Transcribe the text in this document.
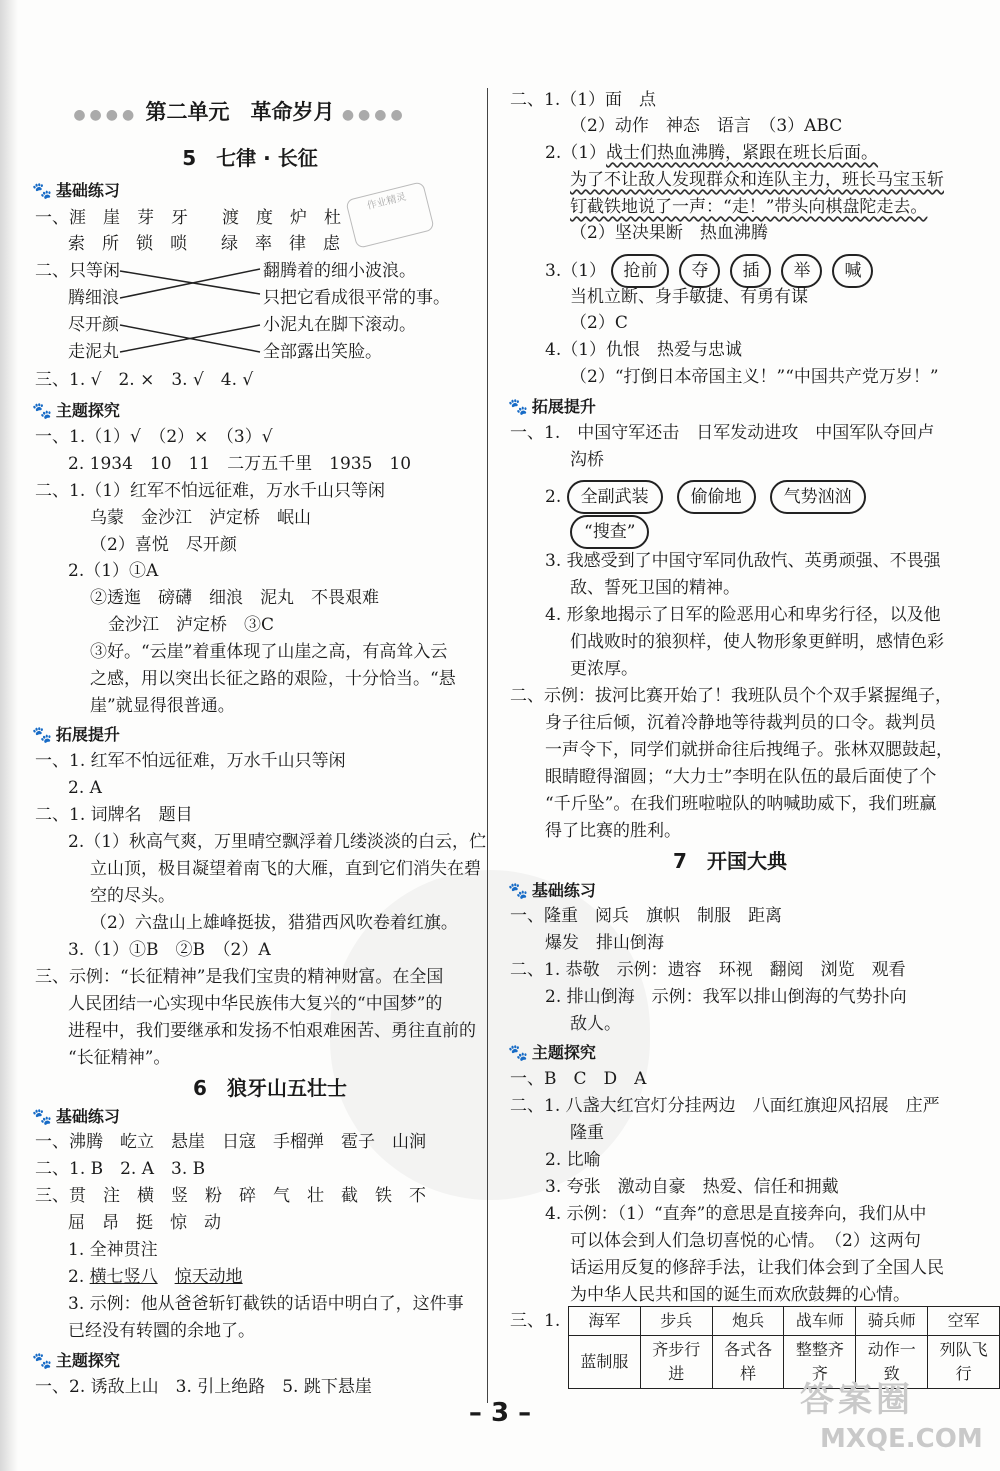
●●●● 第二单元　革命岁月 ●●●●
5　七律 · 长征
作业精灵
🐾 基础练习
一、涯　崖　芽　牙　　渡　度　炉　杜
索　所　锁　唢　　绿　率　律　虑
二、只等闲
腾细浪
尽开颜
走泥丸
翻腾着的细小波浪。
只把它看成很平常的事。
小泥丸在脚下滚动。
全部露出笑脸。
三、1. √　2. ×　3. √　4. √
🐾 主题探究
一、1.（1）√　（2）×　（3）√
2. 1934　10　11　二万五千里　1935　10
二、1.（1）红军不怕远征难，万水千山只等闲
乌蒙　金沙江　泸定桥　岷山
（2）喜悦　尽开颜
2.（1）①A
②透迤　磅礴　细浪　泥丸　不畏艰难
金沙江　泸定桥　③C
③好。“云崖”着重体现了山崖之高，有高耸入云
之感，用以突出长征之路的艰险，十分恰当。“悬
崖”就显得很普通。
🐾 拓展提升
一、1. 红军不怕远征难，万水千山只等闲
2. A
二、1. 词牌名　题目
2.（1）秋高气爽，万里晴空飘浮着几缕淡淡的白云，伫
立山顶，极目凝望着南飞的大雁，直到它们消失在碧
空的尽头。
（2）六盘山上雄峰挺拔，猎猎西风吹卷着红旗。
3.（1）①B　②B　（2）A
三、示例：“长征精神”是我们宝贵的精神财富。在全国
人民团结一心实现中华民族伟大复兴的“中国梦”的
进程中，我们要继承和发扬不怕艰难困苦、勇往直前的
“长征精神”。
6　狼牙山五壮士
🐾 基础练习
一、沸腾　屹立　悬崖　日寇　手榴弹　雹子　山涧
二、1. B　2. A　3. B
三、贯　注　横　竖　粉　碎　气　壮　截　铁　不
屈　昂　挺　惊　动
1. 全神贯注
2. 横七竖八　 惊天动地
3. 示例：他从爸爸斩钉截铁的话语中明白了，这件事
已经没有转圜的余地了。
🐾 主题探究
一、2. 诱敌上山　3. 引上绝路　5. 跳下悬崖
二、1.（1）面　点
（2）动作　神态　语言　（3）ABC
2.（1）战士们热血沸腾，紧跟在班长后面。
为了不让敌人发现群众和连队主力，班长马宝玉斩
钉截铁地说了一声：“走！”带头向棋盘陀走去。
（2）坚决果断　热血沸腾
3.（1） 抢前 夺 插 举 喊
当机立断、身手敏捷、有勇有谋
（2）C
4.（1）仇恨　热爱与忠诚
（2）“打倒日本帝国主义！”“中国共产党万岁！”
🐾 拓展提升
一、1.　中国守军还击　日军发动进攻　中国军队夺回卢
沟桥
2. 全副武装 偷偷地 气势汹汹
“搜查”
3. 我感受到了中国守军同仇敌忾、英勇顽强、不畏强
敌、誓死卫国的精神。
4. 形象地揭示了日军的险恶用心和卑劣行径，以及他
们战败时的狼狈样，使人物形象更鲜明，感情色彩
更浓厚。
二、示例：拔河比赛开始了！我班队员个个双手紧握绳子，
身子往后倾，沉着冷静地等待裁判员的口令。裁判员
一声令下，同学们就拼命往后拽绳子。张林双腮鼓起，
眼睛瞪得溜圆；“大力士”李明在队伍的最后面使了个
“千斤坠”。在我们班啦啦队的呐喊助威下，我们班赢
得了比赛的胜利。
7　开国大典
🐾 基础练习
一、隆重　阅兵　旗帜　制服　距离
爆发　排山倒海
二、1. 恭敬　示例：遗容　环视　翻阅　浏览　观看
2. 排山倒海　示例：我军以排山倒海的气势扑向
敌人。
🐾 主题探究
一、B　C　D　A
二、1. 八盏大红宫灯分挂两边　八面红旗迎风招展　庄严
隆重
2. 比喻
3. 夸张　激动自豪　热爱、信任和拥戴
4. 示例：（1）“直奔”的意思是直接奔向，我们从中
可以体会到人们急切喜悦的心情。　（2）这两句
话运用反复的修辞手法，让我们体会到了全国人民
为中华人民共和国的诞生而欢欣鼓舞的心情。
三、1. 海军	步兵	炮兵	战车师	骑兵师	空军
蓝制服	齐步行进	各式各样	整整齐齐	动作一致	列队飞行
– 3 –	答案圈
MXQE.COM
